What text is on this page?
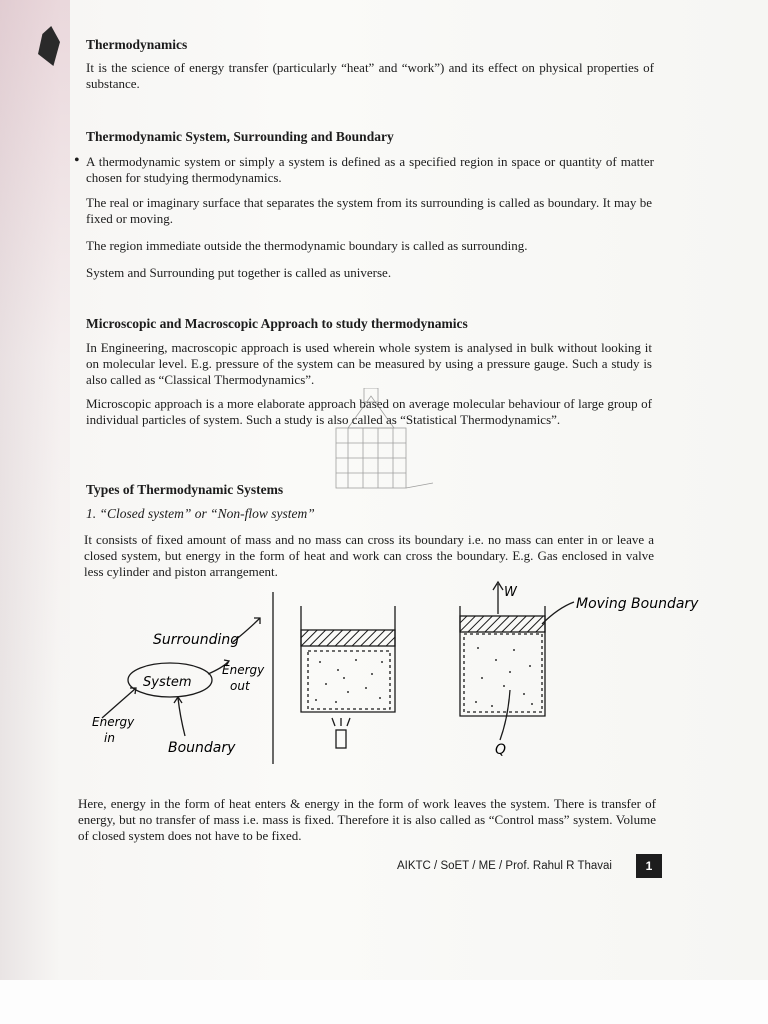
Thermodynamics
It is the science of energy transfer (particularly “heat” and “work”) and its effect on physical properties of substance.
Thermodynamic System, Surrounding and Boundary
• A thermodynamic system or simply a system is defined as a specified region in space or quantity of matter chosen for studying thermodynamics.
The real or imaginary surface that separates the system from its surrounding is called as boundary. It may be fixed or moving.
The region immediate outside the thermodynamic boundary is called as surrounding.
System and Surrounding put together is called as universe.
Microscopic and Macroscopic Approach to study thermodynamics
In Engineering, macroscopic approach is used wherein whole system is analysed in bulk without looking it on molecular level. E.g. pressure of the system can be measured by using a pressure gauge. Such a study is also called as “Classical Thermodynamics”.
Microscopic approach is a more elaborate approach based on average molecular behaviour of large group of individual particles of system. Such a study is also called as “Statistical Thermodynamics”.
Types of Thermodynamic Systems
1. “Closed system” or “Non-flow system”
It consists of fixed amount of mass and no mass can cross its boundary i.e. no mass can enter in or leave a closed system, but energy in the form of heat and work can cross the boundary. E.g. Gas enclosed in valve less cylinder and piston arrangement.
Surrounding
System
Energy
out
Energy
in
Boundary
W
Moving Boundary
Q
Here, energy in the form of heat enters & energy in the form of work leaves the system. There is transfer of energy, but no transfer of mass i.e. mass is fixed. Therefore it is also called as “Control mass” system. Volume of closed system does not have to be fixed.
AIKTC / SoET / ME / Prof. Rahul R Thavai	1
